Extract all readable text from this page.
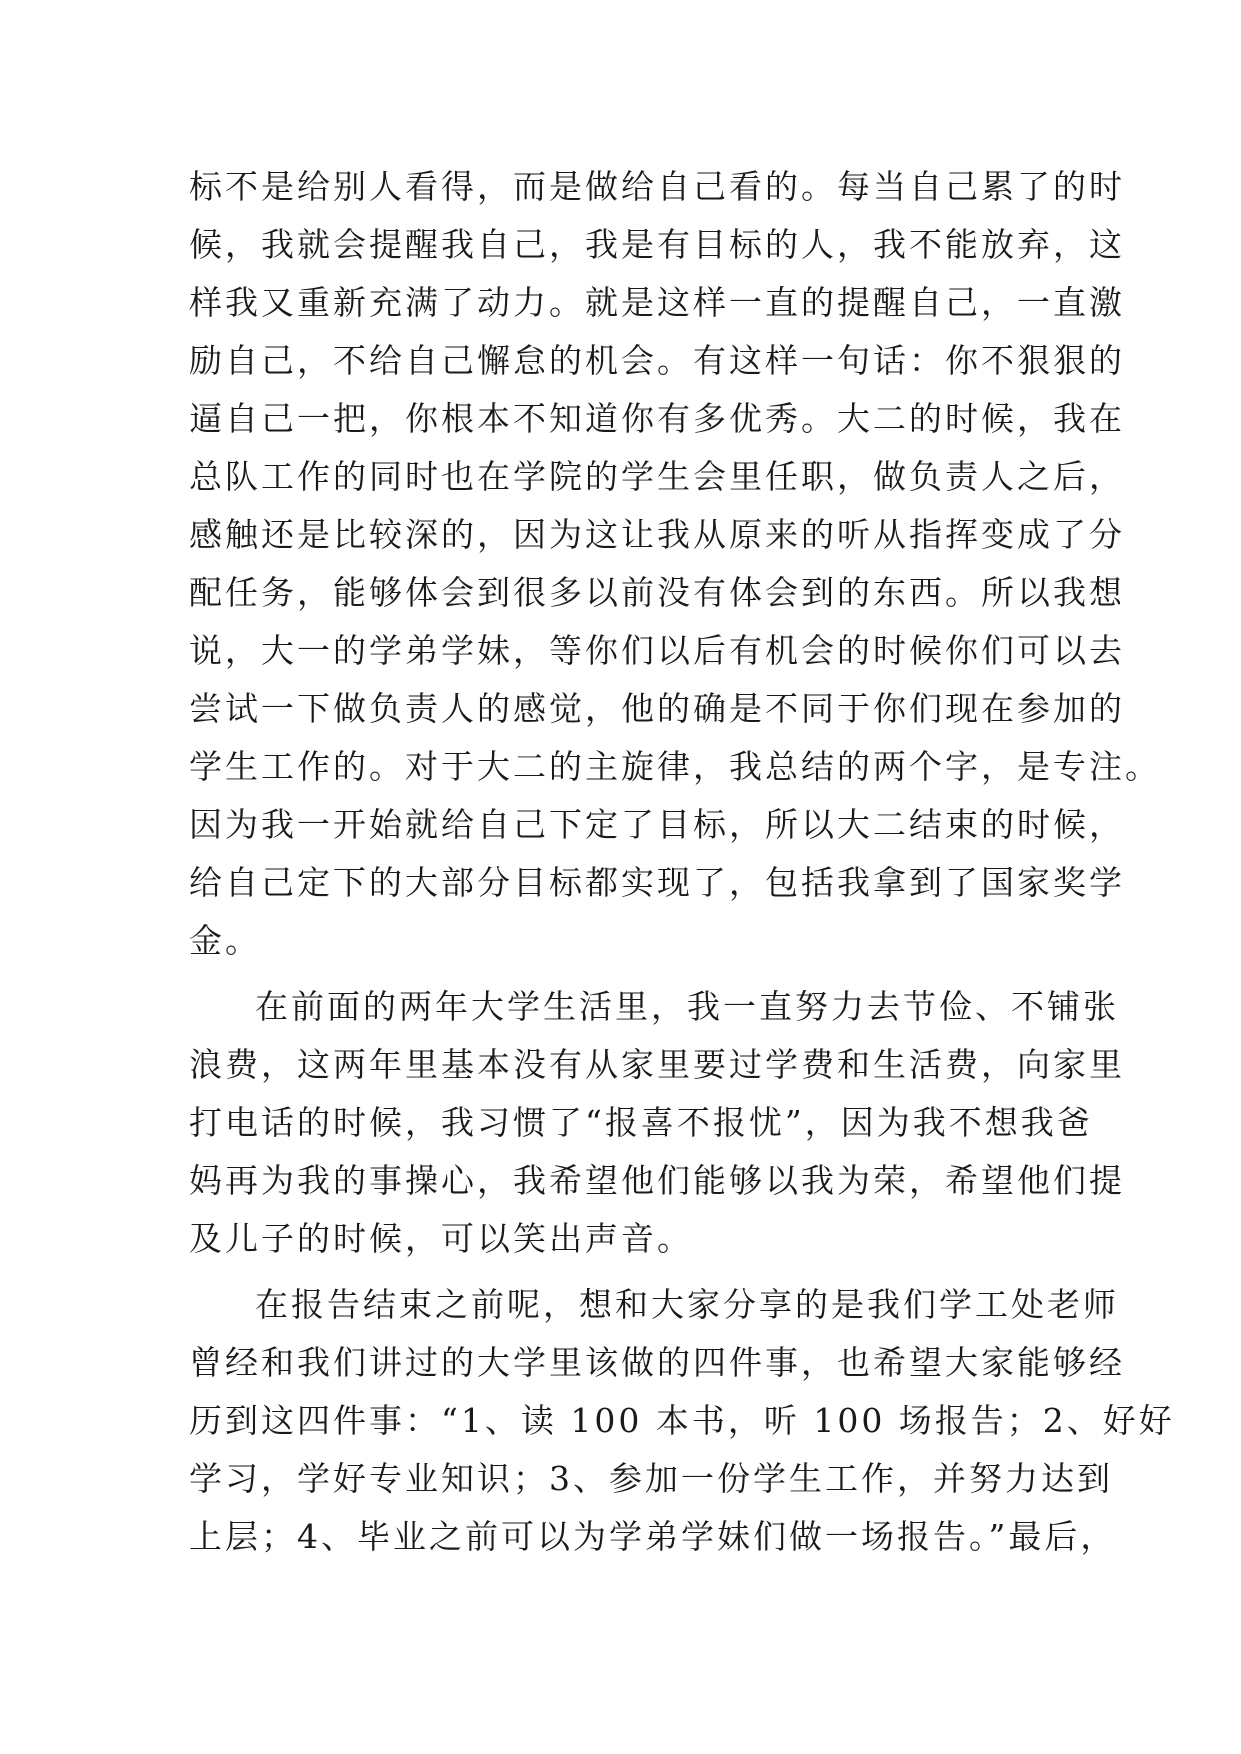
标不是给别人看得，而是做给自己看的。每当自己累了的时
候，我就会提醒我自己，我是有目标的人，我不能放弃，这
样我又重新充满了动力。就是这样一直的提醒自己，一直激
励自己，不给自己懈怠的机会。有这样一句话：你不狠狠的
逼自己一把，你根本不知道你有多优秀。大二的时候，我在
总队工作的同时也在学院的学生会里任职，做负责人之后，
感触还是比较深的，因为这让我从原来的听从指挥变成了分
配任务，能够体会到很多以前没有体会到的东西。所以我想
说，大一的学弟学妹，等你们以后有机会的时候你们可以去
尝试一下做负责人的感觉，他的确是不同于你们现在参加的
学生工作的。对于大二的主旋律，我总结的两个字，是专注。
因为我一开始就给自己下定了目标，所以大二结束的时候，
给自己定下的大部分目标都实现了，包括我拿到了国家奖学
金。
在前面的两年大学生活里，我一直努力去节俭、不铺张
浪费，这两年里基本没有从家里要过学费和生活费，向家里
打电话的时候，我习惯了“报喜不报忧”，因为我不想我爸
妈再为我的事操心，我希望他们能够以我为荣，希望他们提
及儿子的时候，可以笑出声音。
在报告结束之前呢，想和大家分享的是我们学工处老师
曾经和我们讲过的大学里该做的四件事，也希望大家能够经
历到这四件事：“1、读 100 本书，听 100 场报告；2、好好
学习，学好专业知识；3、参加一份学生工作，并努力达到
上层；4、毕业之前可以为学弟学妹们做一场报告。”最后，
